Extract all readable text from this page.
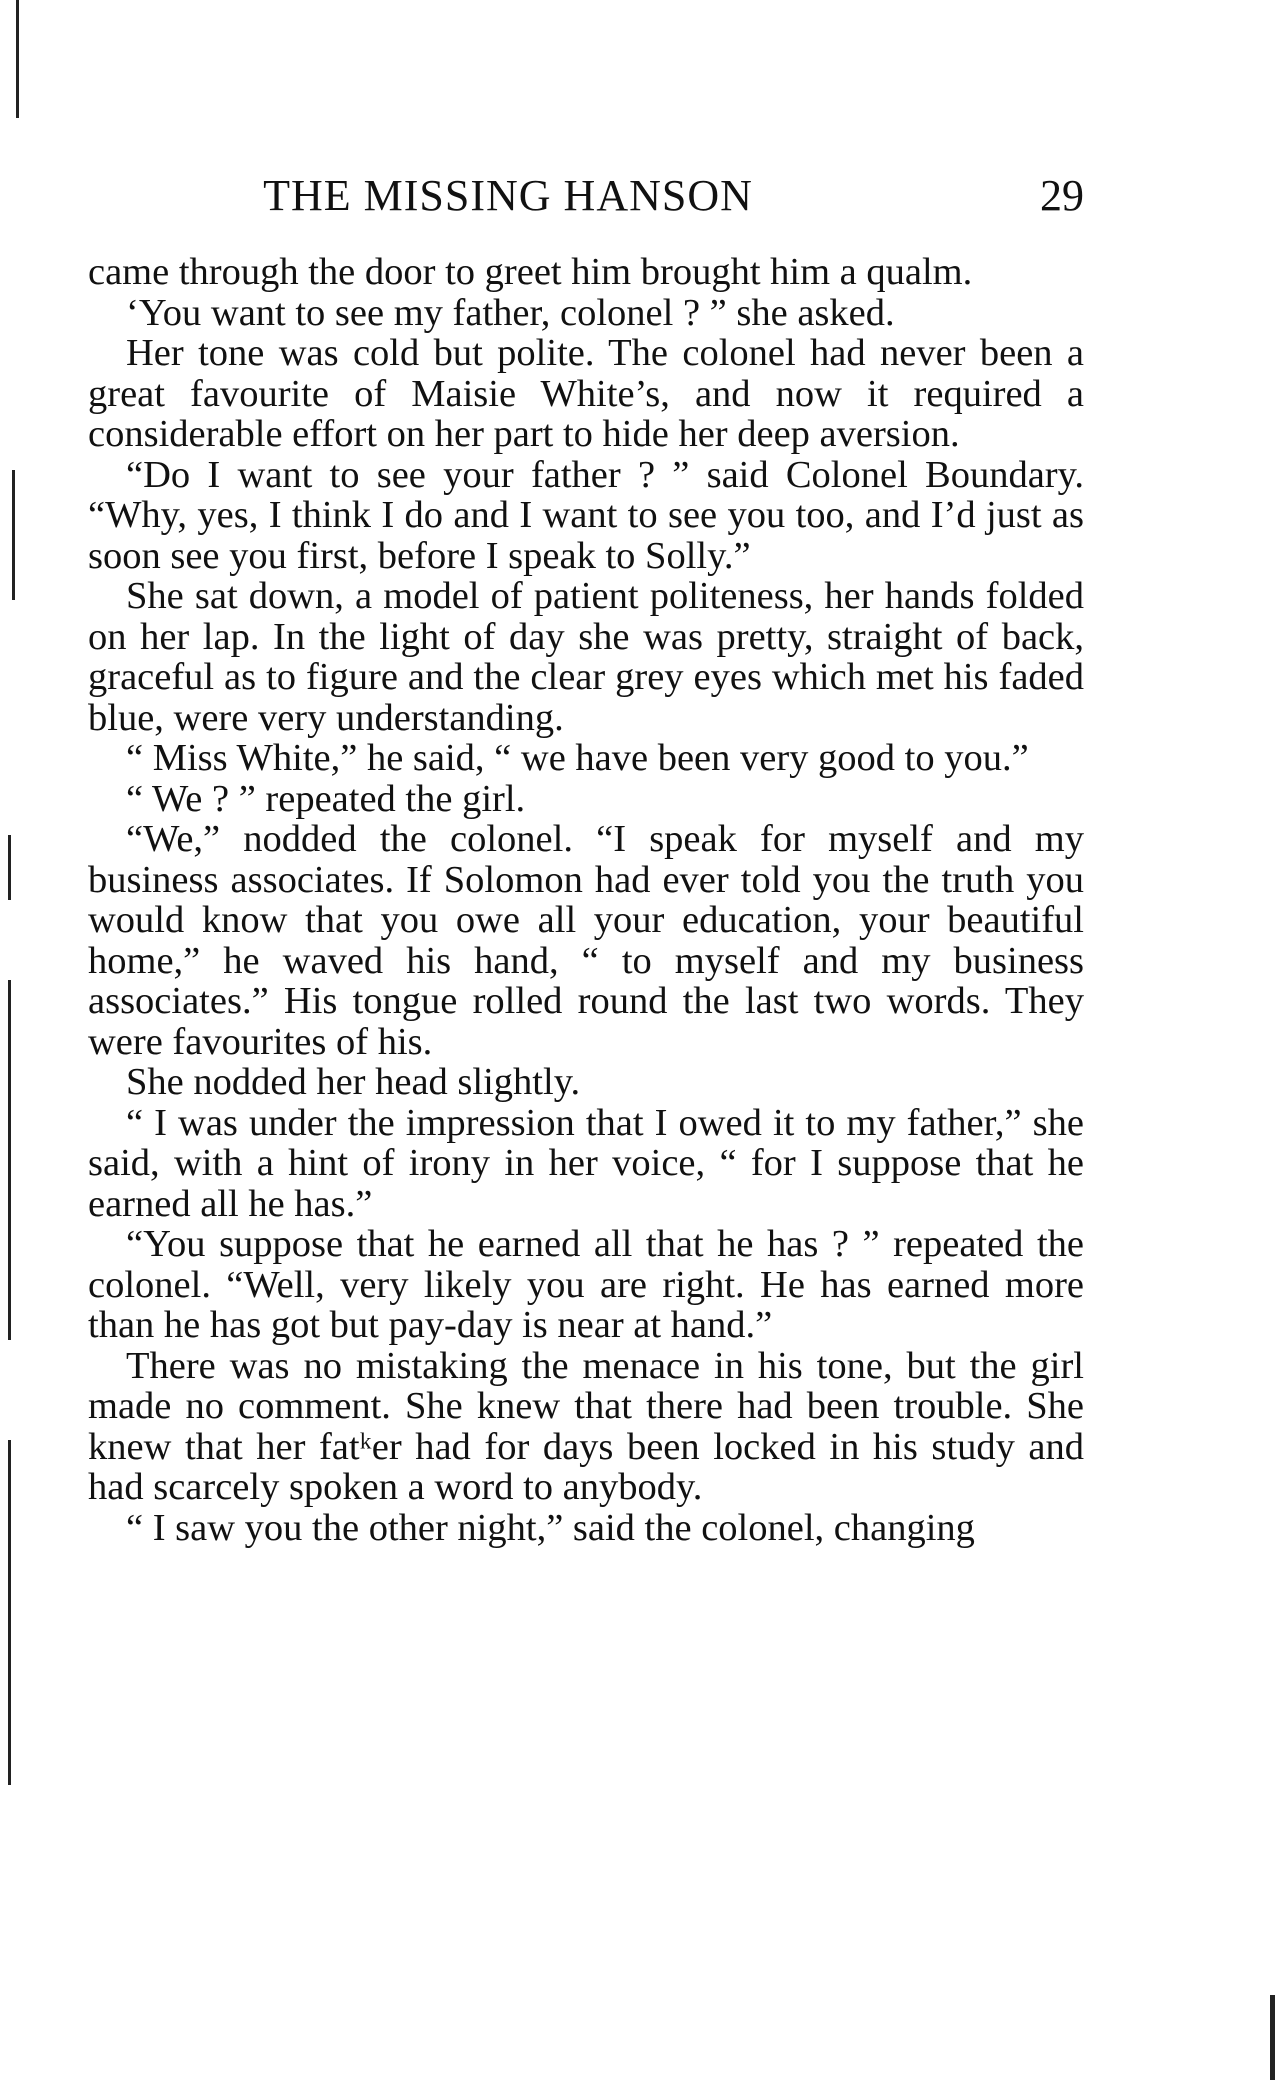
THE MISSING HANSON	29

came through the door to greet him brought him a qualm.

‘You want to see my father, colonel ? ” she asked.

Her tone was cold but polite. The colonel had never been a great favourite of Maisie White’s, and now it required a considerable effort on her part to hide her deep aversion.

“Do I want to see your father ? ” said Colonel Boundary. “Why, yes, I think I do and I want to see you too, and I’d just as soon see you first, before I speak to Solly.”

She sat down, a model of patient politeness, her hands folded on her lap. In the light of day she was pretty, straight of back, graceful as to figure and the clear grey eyes which met his faded blue, were very understanding.

“ Miss White,” he said, “ we have been very good to you.”

“ We ? ” repeated the girl.

“We,” nodded the colonel. “I speak for myself and my business associates. If Solomon had ever told you the truth you would know that you owe all your education, your beautiful home,” he waved his hand, “ to myself and my business associates.” His tongue rolled round the last two words. They were favourites of his.

She nodded her head slightly.

“ I was under the impression that I owed it to my father,” she said, with a hint of irony in her voice, “ for I suppose that he earned all he has.”

“You suppose that he earned all that he has ? ” repeated the colonel. “Well, very likely you are right. He has earned more than he has got but pay-day is near at hand.”

There was no mistaking the menace in his tone, but the girl made no comment. She knew that there had been trouble. She knew that her fatᵏer had for days been locked in his study and had scarcely spoken a word to anybody.

“ I saw you the other night,” said the colonel, changing
